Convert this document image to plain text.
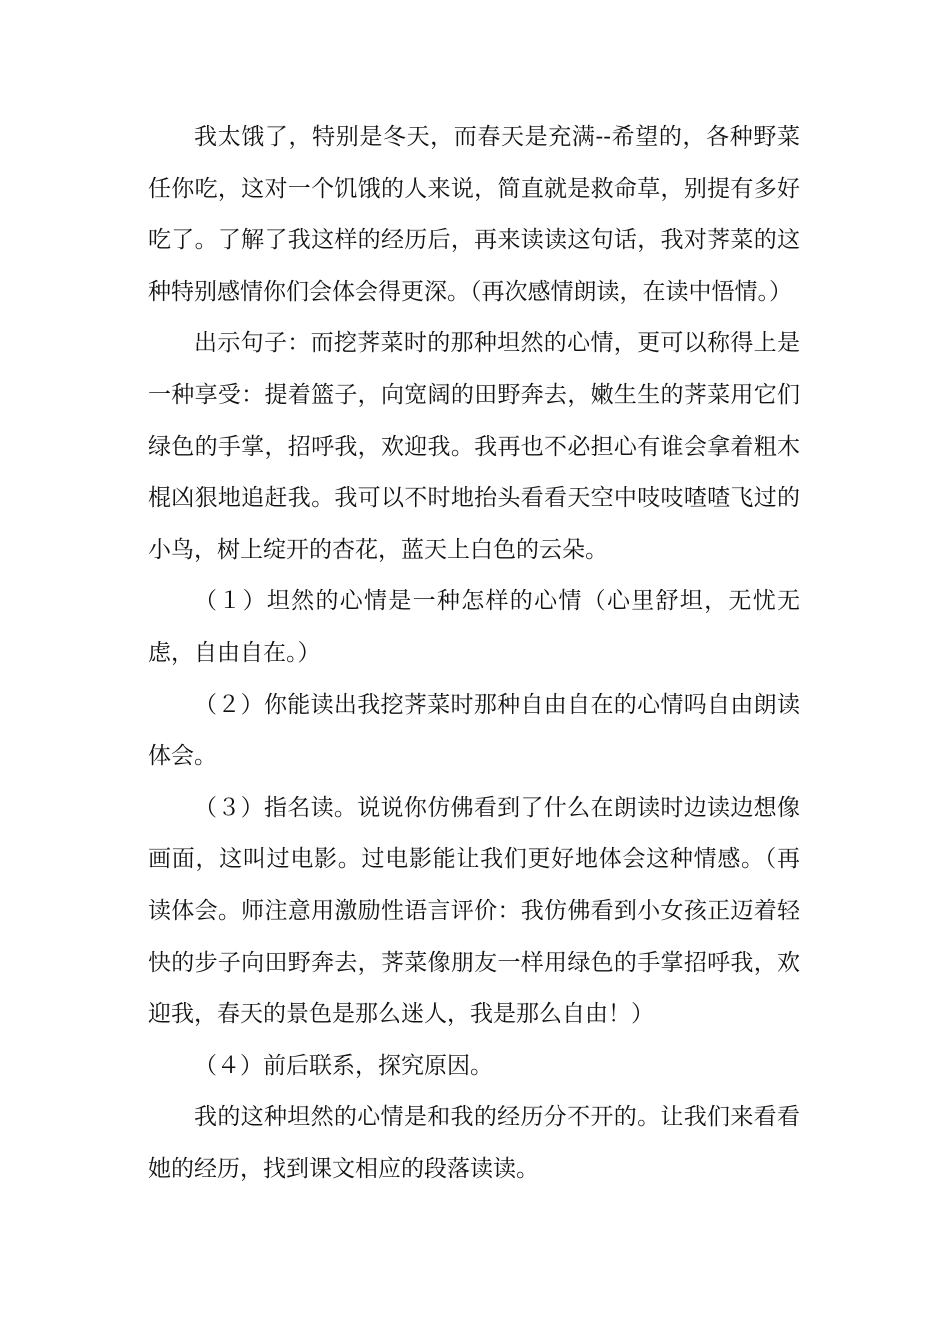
我太饿了，特别是冬天，而春天是充满--希望的，各种野菜任你吃，这对一个饥饿的人来说，简直就是救命草，别提有多好吃了。了解了我这样的经历后，再来读读这句话，我对荠菜的这种特别感情你们会体会得更深。（再次感情朗读，在读中悟情。）

出示句子：而挖荠菜时的那种坦然的心情，更可以称得上是一种享受：提着篮子，向宽阔的田野奔去，嫩生生的荠菜用它们绿色的手掌，招呼我，欢迎我。我再也不必担心有谁会拿着粗木棍凶狠地追赶我。我可以不时地抬头看看天空中吱吱喳喳飞过的小鸟，树上绽开的杏花，蓝天上白色的云朵。

（１）坦然的心情是一种怎样的心情（心里舒坦，无忧无虑，自由自在。）

（２）你能读出我挖荠菜时那种自由自在的心情吗自由朗读体会。

（３）指名读。说说你仿佛看到了什么在朗读时边读边想像画面，这叫过电影。过电影能让我们更好地体会这种情感。（再读体会。师注意用激励性语言评价：我仿佛看到小女孩正迈着轻快的步子向田野奔去，荠菜像朋友一样用绿色的手掌招呼我，欢迎我，春天的景色是那么迷人，我是那么自由！）

（４）前后联系，探究原因。

我的这种坦然的心情是和我的经历分不开的。让我们来看看她的经历，找到课文相应的段落读读。
